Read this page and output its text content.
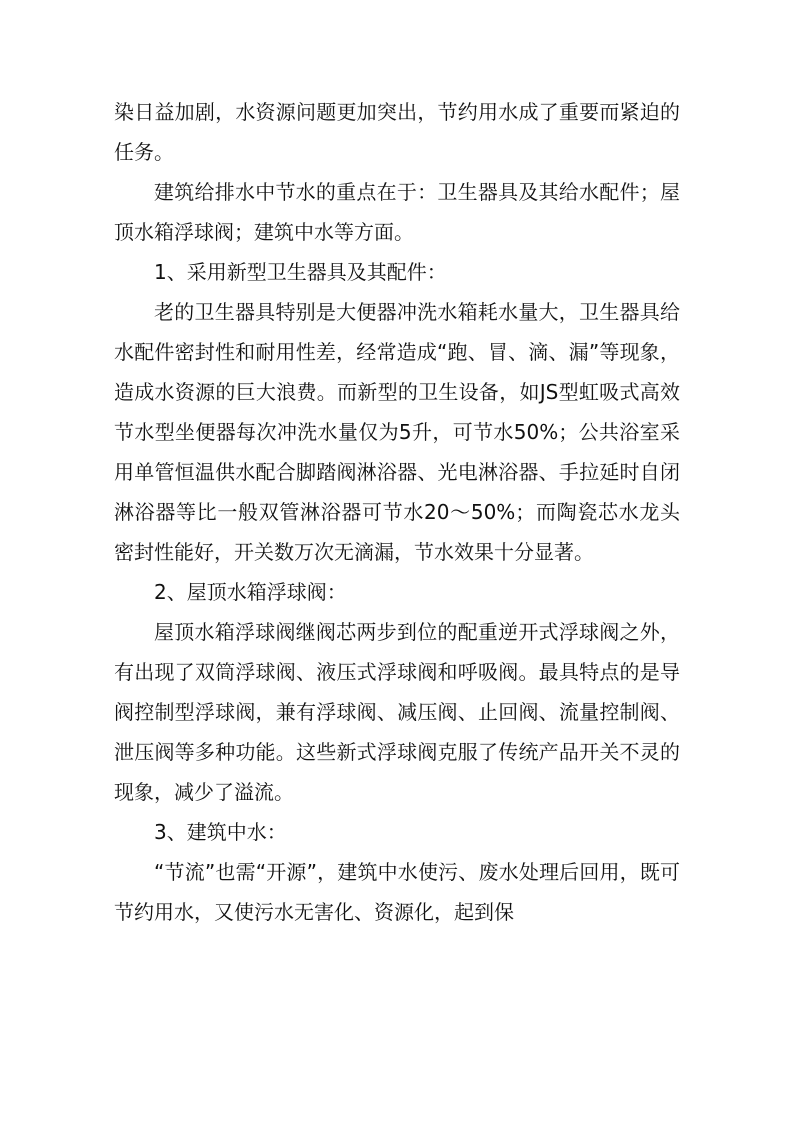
染日益加剧，水资源问题更加突出，节约用水成了重要而紧迫的任务。

建筑给排水中节水的重点在于：卫生器具及其给水配件；屋顶水箱浮球阀；建筑中水等方面。

1、采用新型卫生器具及其配件：

老的卫生器具特别是大便器冲洗水箱耗水量大，卫生器具给水配件密封性和耐用性差，经常造成“跑、冒、滴、漏”等现象，造成水资源的巨大浪费。而新型的卫生设备，如JS型虹吸式高效节水型坐便器每次冲洗水量仅为5升，可节水50%；公共浴室采用单管恒温供水配合脚踏阀淋浴器、光电淋浴器、手拉延时自闭淋浴器等比一般双管淋浴器可节水20～50%；而陶瓷芯水龙头密封性能好，开关数万次无滴漏，节水效果十分显著。

2、屋顶水箱浮球阀：

屋顶水箱浮球阀继阀芯两步到位的配重逆开式浮球阀之外，有出现了双筒浮球阀、液压式浮球阀和呼吸阀。最具特点的是导阀控制型浮球阀，兼有浮球阀、减压阀、止回阀、流量控制阀、泄压阀等多种功能。这些新式浮球阀克服了传统产品开关不灵的现象，减少了溢流。

3、建筑中水：

“节流”也需“开源”，建筑中水使污、废水处理后回用，既可节约用水，又使污水无害化、资源化，起到保
